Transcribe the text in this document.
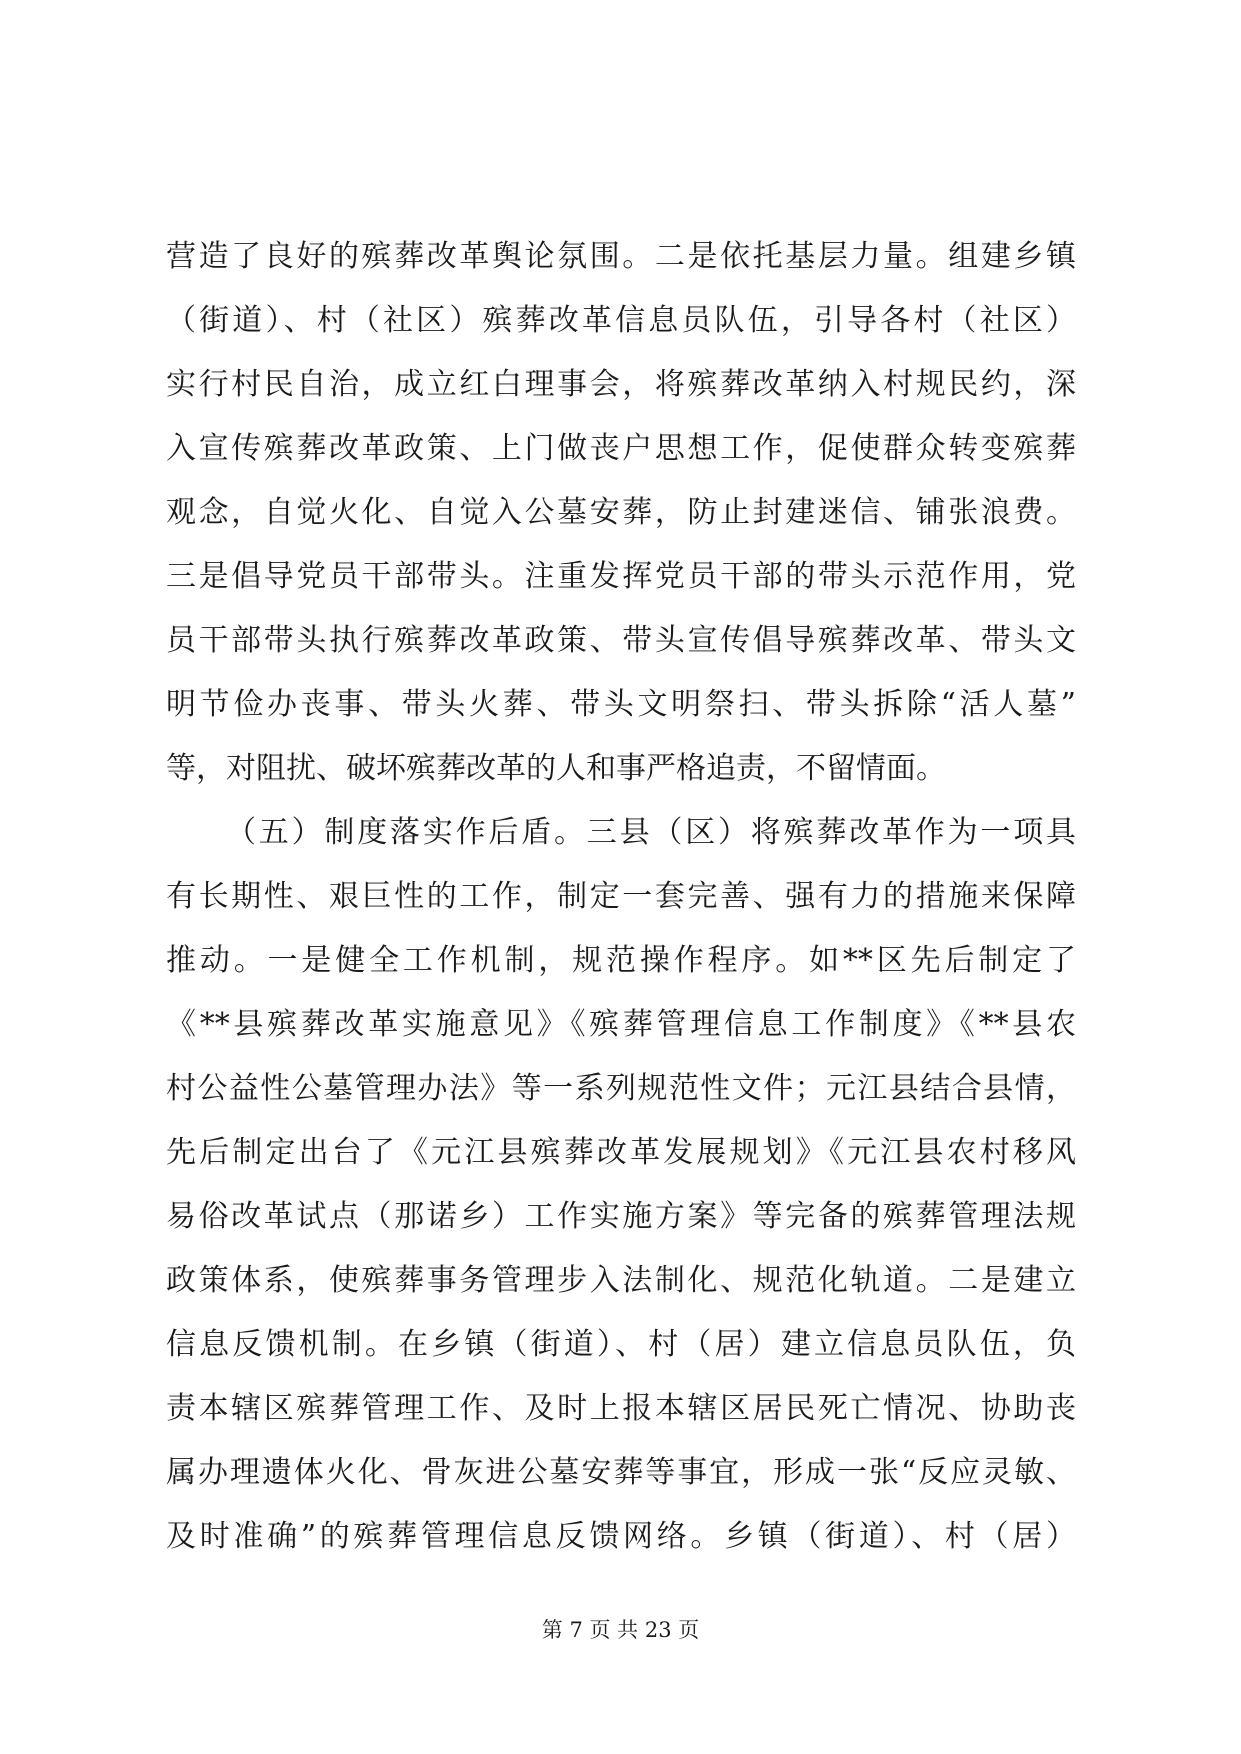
营造了良好的殡葬改革舆论氛围。二是依托基层力量。组建乡镇
（街道）、村（社区）殡葬改革信息员队伍，引导各村（社区）
实行村民自治，成立红白理事会，将殡葬改革纳入村规民约，深
入宣传殡葬改革政策、上门做丧户思想工作，促使群众转变殡葬
观念，自觉火化、自觉入公墓安葬，防止封建迷信、铺张浪费。
三是倡导党员干部带头。注重发挥党员干部的带头示范作用，党
员干部带头执行殡葬改革政策、带头宣传倡导殡葬改革、带头文
明节俭办丧事、带头火葬、带头文明祭扫、带头拆除“活人墓”
等，对阻扰、破坏殡葬改革的人和事严格追责，不留情面。
（五）制度落实作后盾。三县（区）将殡葬改革作为一项具
有长期性、艰巨性的工作，制定一套完善、强有力的措施来保障
推动。一是健全工作机制，规范操作程序。如**区先后制定了
《**县殡葬改革实施意见》《殡葬管理信息工作制度》《**县农
村公益性公墓管理办法》等一系列规范性文件；元江县结合县情，
先后制定出台了《元江县殡葬改革发展规划》《元江县农村移风
易俗改革试点（那诺乡）工作实施方案》等完备的殡葬管理法规
政策体系，使殡葬事务管理步入法制化、规范化轨道。二是建立
信息反馈机制。在乡镇（街道）、村（居）建立信息员队伍，负
责本辖区殡葬管理工作、及时上报本辖区居民死亡情况、协助丧
属办理遗体火化、骨灰进公墓安葬等事宜，形成一张“反应灵敏、
及时准确”的殡葬管理信息反馈网络。乡镇（街道）、村（居）
第 7 页 共 23 页
